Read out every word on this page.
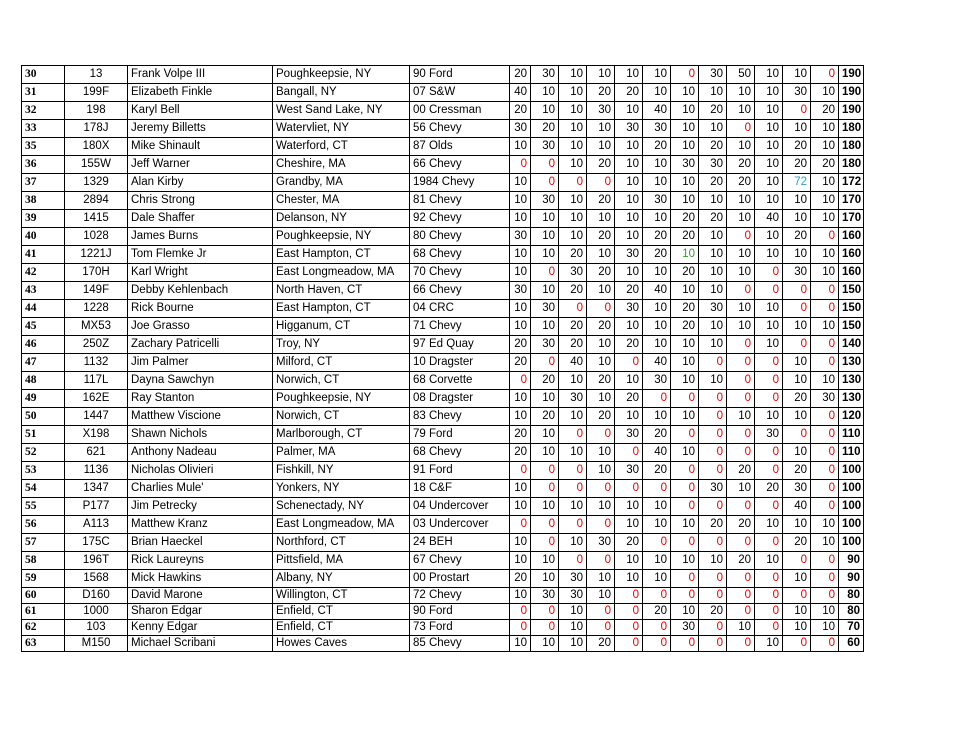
30	13	Frank Volpe III	Poughkeepsie, NY	90 Ford	20	30	10	10	10	10	0	30	50	10	10	0	190
31	199F	Elizabeth Finkle	Bangall, NY	07 S&W	40	10	10	20	20	10	10	10	10	10	30	10	190
32	198	Karyl Bell	West Sand Lake, NY	00 Cressman	20	10	10	30	10	40	10	20	10	10	0	20	190
33	178J	Jeremy Billetts	Watervliet, NY	56 Chevy	30	20	10	10	30	30	10	10	0	10	10	10	180
35	180X	Mike Shinault	Waterford, CT	87 Olds	10	30	10	10	10	20	10	20	10	10	20	10	180
36	155W	Jeff Warner	Cheshire, MA	66 Chevy	0	0	10	20	10	10	30	30	20	10	20	20	180
37	1329	Alan Kirby	Grandby, MA	1984 Chevy	10	0	0	0	10	10	10	20	20	10	72	10	172
38	2894	Chris Strong	Chester, MA	81 Chevy	10	30	10	20	10	30	10	10	10	10	10	10	170
39	1415	Dale Shaffer	Delanson, NY	92 Chevy	10	10	10	10	10	10	20	20	10	40	10	10	170
40	1028	James Burns	Poughkeepsie, NY	80 Chevy	30	10	10	20	10	20	20	10	0	10	20	0	160
41	1221J	Tom Flemke Jr	East Hampton, CT	68 Chevy	10	10	20	10	30	20	10	10	10	10	10	10	160
42	170H	Karl Wright	East Longmeadow, MA	70 Chevy	10	0	30	20	10	10	20	10	10	0	30	10	160
43	149F	Debby Kehlenbach	North Haven, CT	66 Chevy	30	10	20	10	20	40	10	10	0	0	0	0	150
44	1228	Rick Bourne	East Hampton, CT	04 CRC	10	30	0	0	30	10	20	30	10	10	0	0	150
45	MX53	Joe Grasso	Higganum, CT	71 Chevy	10	10	20	20	10	10	20	10	10	10	10	10	150
46	250Z	Zachary Patricelli	Troy, NY	97 Ed Quay	20	30	20	10	20	10	10	10	0	10	0	0	140
47	1132	Jim Palmer	Milford, CT	10 Dragster	20	0	40	10	0	40	10	0	0	0	10	0	130
48	117L	Dayna Sawchyn	Norwich, CT	68 Corvette	0	20	10	20	10	30	10	10	0	0	10	10	130
49	162E	Ray Stanton	Poughkeepsie, NY	08 Dragster	10	10	30	10	20	0	0	0	0	0	20	30	130
50	1447	Matthew Viscione	Norwich, CT	83 Chevy	10	20	10	20	10	10	10	0	10	10	10	0	120
51	X198	Shawn Nichols	Marlborough, CT	79 Ford	20	10	0	0	30	20	0	0	0	30	0	0	110
52	621	Anthony Nadeau	Palmer, MA	68 Chevy	20	10	10	10	0	40	10	0	0	0	10	0	110
53	1136	Nicholas Olivieri	Fishkill, NY	91 Ford	0	0	0	10	30	20	0	0	20	0	20	0	100
54	1347	Charlies Mule'	Yonkers, NY	18 C&F	10	0	0	0	0	0	0	30	10	20	30	0	100
55	P177	Jim Petrecky	Schenectady, NY	04 Undercover	10	10	10	10	10	10	0	0	0	0	40	0	100
56	A113	Matthew Kranz	East Longmeadow, MA	03 Undercover	0	0	0	0	10	10	10	20	20	10	10	10	100
57	175C	Brian Haeckel	Northford, CT	24 BEH	10	0	10	30	20	0	0	0	0	0	20	10	100
58	196T	Rick Laureyns	Pittsfield, MA	67 Chevy	10	10	0	0	10	10	10	10	20	10	0	0	90
59	1568	Mick Hawkins	Albany, NY	00 Prostart	20	10	30	10	10	10	0	0	0	0	10	0	90
60	D160	David Marone	Willington, CT	72 Chevy	10	30	30	10	0	0	0	0	0	0	0	0	80
61	1000	Sharon Edgar	Enfield, CT	90 Ford	0	0	10	0	0	20	10	20	0	0	10	10	80
62	103	Kenny Edgar	Enfield, CT	73 Ford	0	0	10	0	0	0	30	0	10	0	10	10	70
63	M150	Michael Scribani	Howes Caves	85 Chevy	10	10	10	20	0	0	0	0	0	10	0	0	60
